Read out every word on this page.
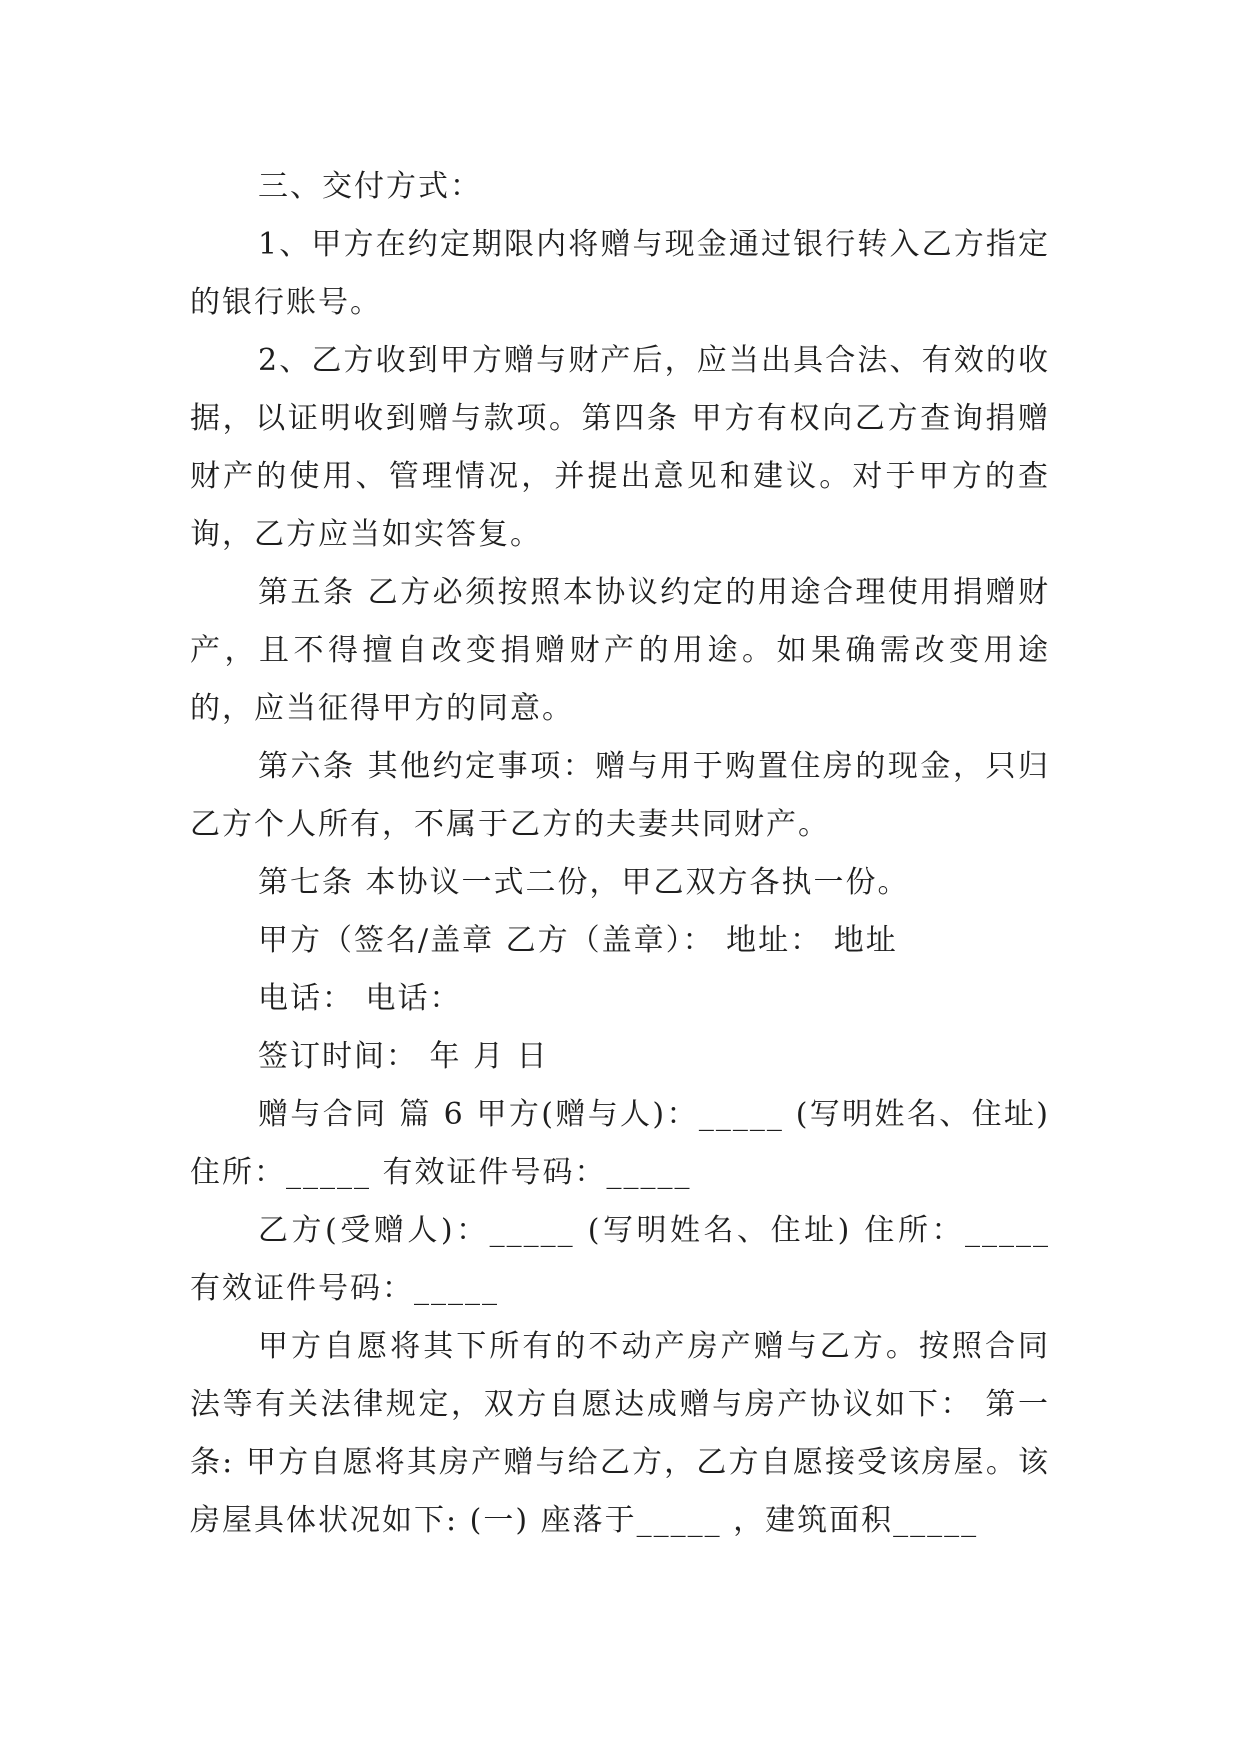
三、交付方式：

1、甲方在约定期限内将赠与现金通过银行转入乙方指定的银行账号。

2、乙方收到甲方赠与财产后，应当出具合法、有效的收据，以证明收到赠与款项。第四条 甲方有权向乙方查询捐赠财产的使用、管理情况，并提出意见和建议。对于甲方的查询，乙方应当如实答复。

第五条 乙方必须按照本协议约定的用途合理使用捐赠财产，且不得擅自改变捐赠财产的用途。如果确需改变用途的，应当征得甲方的同意。

第六条 其他约定事项：赠与用于购置住房的现金，只归乙方个人所有，不属于乙方的夫妻共同财产。

第七条 本协议一式二份，甲乙双方各执一份。

甲方（签名/盖章 乙方（盖章）： 地址： 地址

电话： 电话：

签订时间： 年 月 日

赠与合同 篇 6 甲方(赠与人)：_____ (写明姓名、住址) 住所：_____ 有效证件号码：_____

乙方(受赠人)：_____ (写明姓名、住址) 住所：_____ 有效证件号码：_____

甲方自愿将其下所有的不动产房产赠与乙方。按照合同法等有关法律规定，双方自愿达成赠与房产协议如下： 第一条: 甲方自愿将其房产赠与给乙方，乙方自愿接受该房屋。该房屋具体状况如下: (一) 座落于_____ ，建筑面积_____
